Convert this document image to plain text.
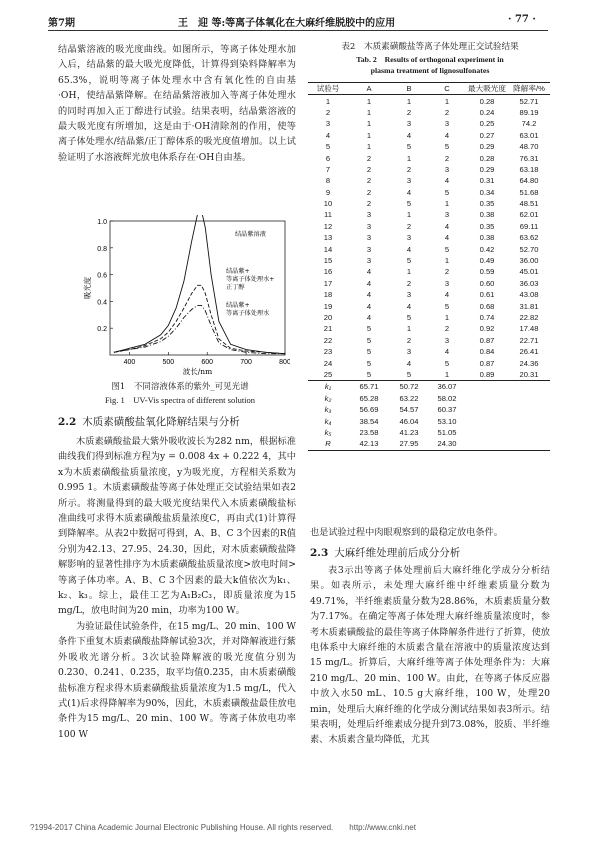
第7期	王　迎 等:等离子体氧化在大麻纤维脱胶中的应用	· 77 ·

结晶紫溶液的吸光度曲线。如图所示，等离子体处理水加入后，结晶紫的最大吸光度降低，计算得到染料降解率为65.3%，说明等离子体处理水中含有氧化性的自由基·OH，使结晶紫降解。在结晶紫溶液加入等离子体处理水的同时再加入正丁醇进行试验。结果表明，结晶紫溶液的最大吸光度有所增加，这是由于·OH清除剂的作用，使等离子体处理水/结晶紫/正丁醇体系的吸光度值增加。以上试验证明了水溶液辉光放电体系存在·OH自由基。

0.2
0.4
0.6
0.8
1.0
400	500	600	700	800
波长/nm
吸光度
结晶紫溶液
结晶紫+
等离子体处理水+
正丁醇
结晶紫+
等离子体处理水
图1　不同溶液体系的紫外_可见光谱
Fig. 1　UV-Vis spectra of different solution
2.2 木质素磺酸盐氧化降解结果与分析

木质素磺酸盐最大紫外吸收波长为282 nm，根据标准曲线我们得到标准方程为y = 0.008 4x + 0.222 4，其中x为木质素磺酸盐质量浓度，y为吸光度，方程相关系数为0.995 1。木质素磺酸盐等离子体处理正交试验结果如表2所示。将测量得到的最大吸光度结果代入木质素磺酸盐标准曲线可求得木质素磺酸盐质量浓度C，再由式(1)计算得到降解率。从表2中数据可得到，A、B、C 3个因素的R值分别为42.13、27.95、24.30，因此，对木质素磺酸盐降解影响的显著性排序为木质素磺酸盐质量浓度>放电时间>等离子体功率。A、B、C 3个因素的最大k值依次为k₁、k₂、k₃。综上，最佳工艺为A₁B₂C₃，即质量浓度为15 mg/L，放电时间为20 min，功率为100 W。

为验证最佳试验条件，在15 mg/L、20 min、100 W条件下重复木质素磺酸盐降解试验3次，并对降解液进行紫外吸收光谱分析。3次试验降解液的吸光度值分别为0.230、0.241、0.235，取平均值0.235，由木质素磺酸盐标准方程求得木质素磺酸盐质量浓度为1.5 mg/L，代入式(1)后求得降解率为90%，因此，木质素磺酸盐最佳放电条件为15 mg/L、20 min、100 W。等离子体放电功率100 W

表2　木质素磺酸盐等离子体处理正交试验结果
Tab. 2　Results of orthogonal experiment in
plasma treatment of lignosulfonates
试验号	A	B	C	最大吸光度	降解率/%
1	1	1	1	0.28	52.71
2	1	2	2	0.24	89.19
3	1	3	3	0.25	74.2
4	1	4	4	0.27	63.01
5	1	5	5	0.29	48.70
6	2	1	2	0.28	76.31
7	2	2	3	0.29	63.18
8	2	3	4	0.31	64.80
9	2	4	5	0.34	51.68
10	2	5	1	0.35	48.51
11	3	1	3	0.38	62.01
12	3	2	4	0.35	69.11
13	3	3	4	0.38	63.62
14	3	4	5	0.42	52.70
15	3	5	1	0.49	36.00
16	4	1	2	0.59	45.01
17	4	2	3	0.60	36.03
18	4	3	4	0.61	43.08
19	4	4	5	0.68	31.81
20	4	5	1	0.74	22.82
21	5	1	2	0.92	17.48
22	5	2	3	0.87	22.71
23	5	3	4	0.84	26.41
24	5	4	5	0.87	24.36
25	5	5	1	0.89	20.31
k₁	65.71	50.72	36.07		
k₂	65.28	63.22	58.02		
k₃	56.69	54.57	60.37		
k₄	38.54	46.04	53.10		
k₅	23.58	41.23	51.05		
R	42.13	27.95	24.30		

也是试验过程中肉眼观察到的最稳定放电条件。

2.3 大麻纤维处理前后成分分析

表3示出等离子体处理前后大麻纤维化学成分分析结果。如表所示，未处理大麻纤维中纤维素质量分数为49.71%，半纤维素质量分数为28.86%，木质素质量分数为7.17%。在确定等离子体处理大麻纤维质量浓度时，参考木质素磺酸盐的最佳等离子体降解条件进行了折算，使放电体系中大麻纤维的木质素含量在溶液中的质量浓度达到15 mg/L。折算后，大麻纤维等离子体处理条件为：大麻210 mg/L、20 min、100 W。由此，在等离子体反应器中放入水50 mL、10.5 g大麻纤维，100 W，处理20 min，处理后大麻纤维的化学成分测试结果如表3所示。结果表明，处理后纤维素成分提升到73.08%，胶质、半纤维素、木质素含量均降低，尤其

?1994-2017 China Academic Journal Electronic Publishing House. All rights reserved.　　http://www.cnki.net
